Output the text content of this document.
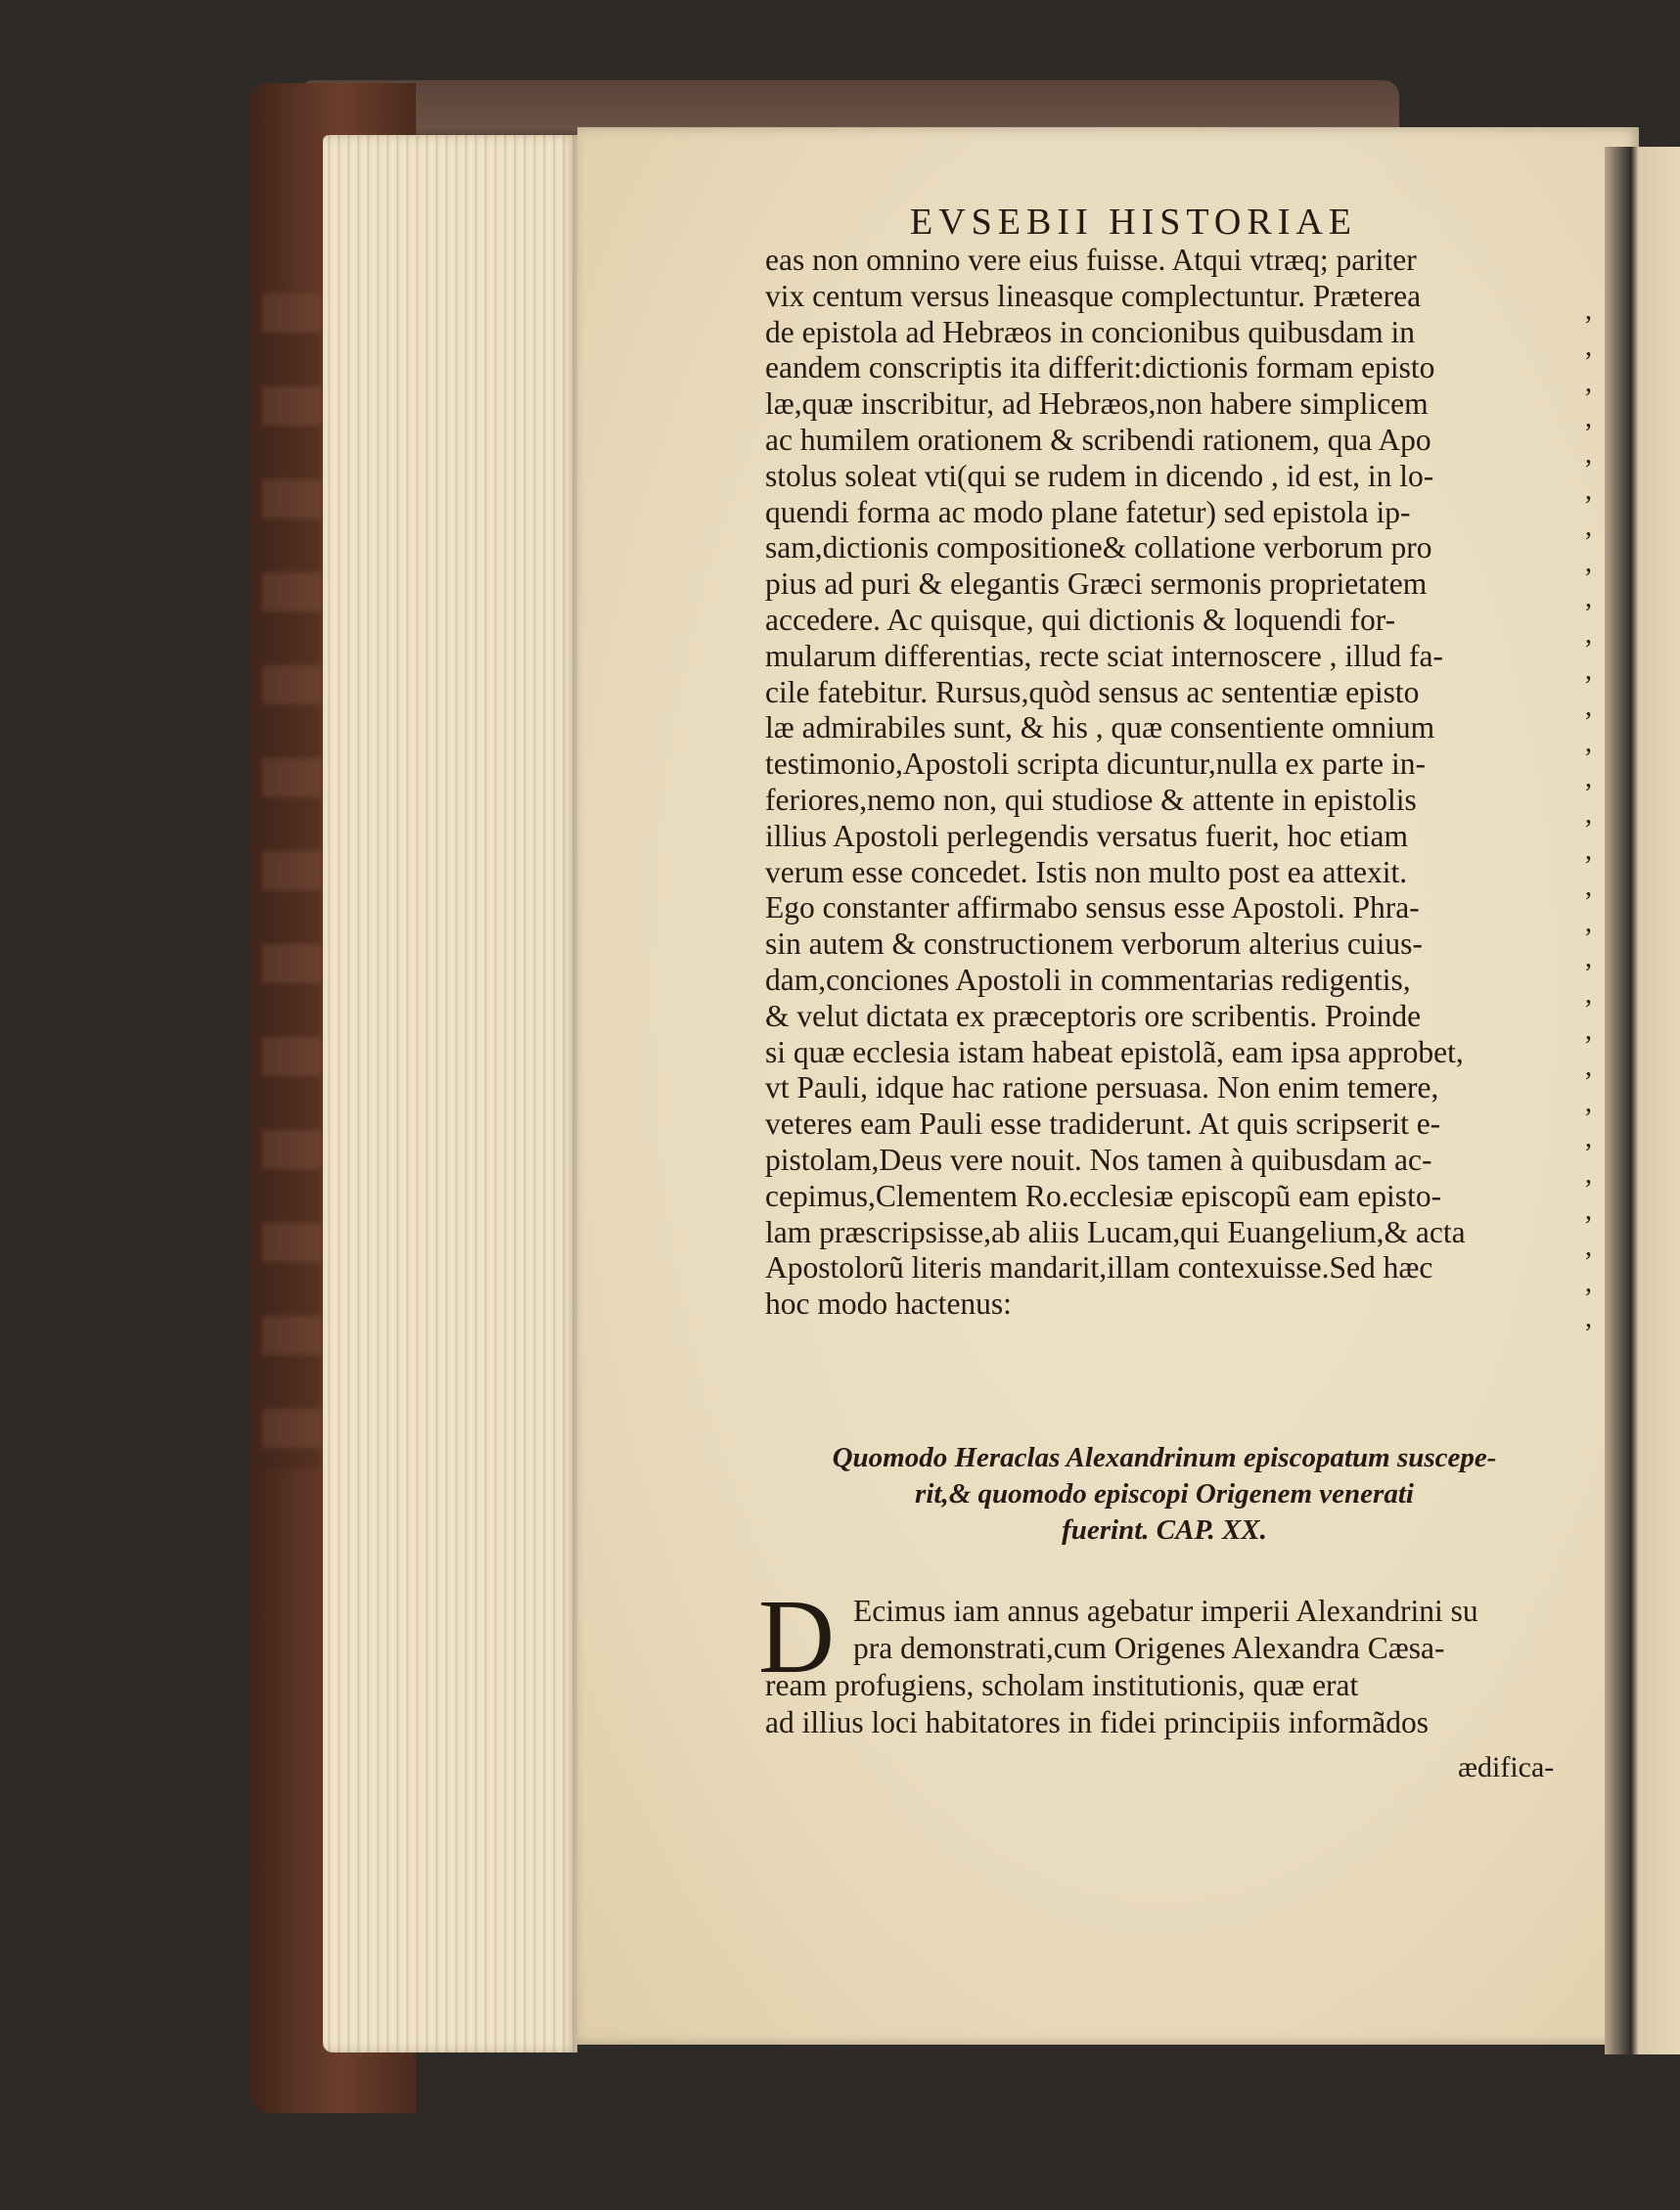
EVSEBII HISTORIAE
eas non omnino vere eius fuisse. Atqui vtræq; pariter
vix centum versus lineasque complectuntur. Præterea
de epistola ad Hebræos in concionibus quibusdam in
eandem conscriptis ita differit:dictionis formam episto
læ,quæ inscribitur, ad Hebræos,non habere simplicem
ac humilem orationem & scribendi rationem, qua Apo
stolus soleat vti(qui se rudem in dicendo , id est, in lo-
quendi forma ac modo plane fatetur) sed epistola ip-
sam,dictionis compositione& collatione verborum pro
pius ad puri & elegantis Græci sermonis proprietatem
accedere. Ac quisque, qui dictionis & loquendi for-
mularum differentias, recte sciat internoscere , illud fa-
cile fatebitur. Rursus,quòd sensus ac sententiæ episto
læ admirabiles sunt, & his , quæ consentiente omnium
testimonio,Apostoli scripta dicuntur,nulla ex parte in-
feriores,nemo non, qui studiose & attente in epistolis
illius Apostoli perlegendis versatus fuerit, hoc etiam
verum esse concedet. Istis non multo post ea attexit.
Ego constanter affirmabo sensus esse Apostoli. Phra-
sin autem & constructionem verborum alterius cuius-
dam,conciones Apostoli in commentarias redigentis,
& velut dictata ex præceptoris ore scribentis. Proinde
si quæ ecclesia istam habeat epistolã, eam ipsa approbet,
vt Pauli, idque hac ratione persuasa. Non enim temere,
veteres eam Pauli esse tradiderunt. At quis scripserit e-
pistolam,Deus vere nouit. Nos tamen à quibusdam ac-
cepimus,Clementem Ro.ecclesiæ episcopũ eam episto-
lam præscripsisse,ab aliis Lucam,qui Euangelium,& acta
Apostolorũ literis mandarit,illam contexuisse.Sed hæc
hoc modo hactenus:
,
,
,
,
,
,
,
,
,
,
,
,
,
,
,
,
,
,
,
,
,
,
,
,
,
,
,
,
,
Quomodo Heraclas Alexandrinum episcopatum suscepe-
rit,& quomodo episcopi Origenem venerati
fuerint. CAP. XX.
D Ecimus iam annus agebatur imperii Alexandrini su
pra demonstrati,cum Origenes Alexandra Cæsa-
ream profugiens, scholam institutionis, quæ erat
ad illius loci habitatores in fidei principiis informãdos
ædifica-
